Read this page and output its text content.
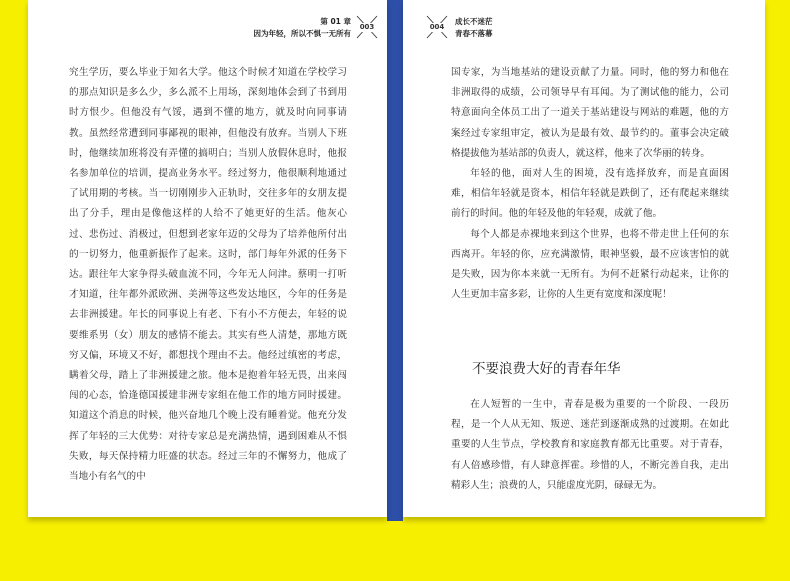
第 01 章
因为年轻，所以不惧一无所有
003

究生学历，要么毕业于知名大学。他这个时候才知道在学校学习的那点知识是多么少，多么派不上用场，深刻地体会到了书到用时方恨少。但他没有气馁，遇到不懂的地方，就及时向同事请教。虽然经常遭到同事鄙视的眼神，但他没有放弃。当别人下班时，他继续加班将没有弄懂的搞明白；当别人放假休息时，他报名参加单位的培训，提高业务水平。经过努力，他很顺利地通过了试用期的考核。当一切刚刚步入正轨时，交往多年的女朋友提出了分手，理由是像他这样的人给不了她更好的生活。他灰心过、悲伤过、消极过，但想到老家年迈的父母为了培养他所付出的一切努力，他重新振作了起来。这时，部门每年外派的任务下达。跟往年大家争得头破血流不同，今年无人问津。蔡明一打听才知道，往年都外派欧洲、美洲等这些发达地区，今年的任务是去非洲援建。年长的同事说上有老、下有小不方便去，年轻的说要维系男（女）朋友的感情不能去。其实有些人清楚，那地方既穷又偏，环境又不好，都想找个理由不去。他经过缜密的考虑，瞒着父母，踏上了非洲援建之旅。他本是抱着年轻无畏，出来闯闯的心态，恰逢德国援建非洲专家组在他工作的地方同时援建。知道这个消息的时候，他兴奋地几个晚上没有睡着觉。他充分发挥了年轻的三大优势：对待专家总是充满热情，遇到困难从不惧失败，每天保持精力旺盛的状态。经过三年的不懈努力，他成了当地小有名气的中

004
成长不迷茫
青春不落幕

国专家，为当地基站的建设贡献了力量。同时，他的努力和他在非洲取得的成绩，公司领导早有耳闻。为了测试他的能力，公司特意面向全体员工出了一道关于基站建设与网站的难题，他的方案经过专家组审定，被认为是最有效、最节约的。董事会决定破格提拔他为基站部的负责人，就这样，他来了次华丽的转身。

年轻的他，面对人生的困境，没有选择放弃，而是直面困难，相信年轻就是资本，相信年轻就是跌倒了，还有爬起来继续前行的时间。他的年轻及他的年轻观，成就了他。

每个人都是赤裸地来到这个世界，也将不带走世上任何的东西离开。年轻的你，应充满激情，眼神坚毅，最不应该害怕的就是失败，因为你本来就一无所有。为何不赶紧行动起来，让你的人生更加丰富多彩，让你的人生更有宽度和深度呢！

不要浪费大好的青春年华

在人短暂的一生中，青春是极为重要的一个阶段、一段历程，是一个人从无知、叛逆、迷茫到逐渐成熟的过渡期。在如此重要的人生节点，学校教育和家庭教育都无比重要。对于青春，有人倍感珍惜，有人肆意挥霍。珍惜的人，不断完善自我，走出精彩人生；浪费的人，只能虚度光阴，碌碌无为。
